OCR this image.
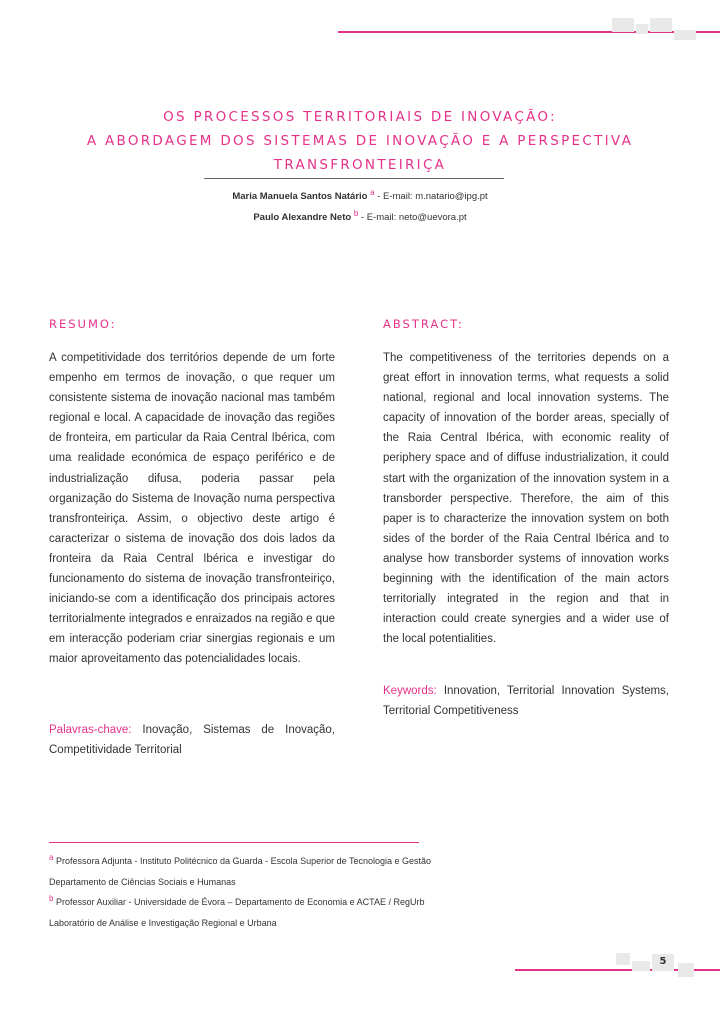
OS PROCESSOS TERRITORIAIS DE INOVAÇÃO:
A ABORDAGEM DOS SISTEMAS DE INOVAÇÃO E A PERSPECTIVA
TRANSFRONTEIRIÇA
Maria Manuela Santos Natário $^a$ - E-mail: m.natario@ipg.pt
Paulo Alexandre Neto $^b$ - E-mail: neto@uevora.pt
RESUMO:	ABSTRACT:
A competitividade dos territórios depende de um forte empenho em termos de inovação, o que requer um consistente sistema de inovação nacional mas também regional e local. A capacidade de inovação das regiões de fronteira, em particular da Raia Central Ibérica, com uma realidade económica de espaço periférico e de industrialização difusa, poderia passar pela organização do Sistema de Inovação numa perspectiva transfronteiriça. Assim, o objectivo deste artigo é caracterizar o sistema de inovação dos dois lados da fronteira da Raia Central Ibérica e investigar do funcionamento do sistema de inovação transfronteiriço, iniciando-se com a identificação dos principais actores territorialmente integrados e enraizados na região e que em interacção poderiam criar sinergias regionais e um maior aproveitamento das potencialidades locais.
The competitiveness of the territories depends on a great effort in innovation terms, what requests a solid national, regional and local innovation systems. The capacity of innovation of the border areas, specially of the Raia Central Ibérica, with economic reality of periphery space and of diffuse industrialization, it could start with the organization of the innovation system in a transborder perspective. Therefore, the aim of this paper is to characterize the innovation system on both sides of the border of the Raia Central Ibérica and to analyse how transborder systems of innovation works beginning with the identification of the main actors territorially integrated in the region and that in interaction could create synergies and a wider use of the local potentialities.
Palavras-chave: Inovação, Sistemas de Inovação, Competitividade Territorial
Keywords: Innovation, Territorial Innovation Systems, Territorial Competitiveness
a Professora Adjunta - Instituto Politécnico da Guarda - Escola Superior de Tecnologia e Gestão
Departamento de Ciências Sociais e Humanas
b Professor Auxiliar - Universidade de Évora – Departamento de Economia e ACTAE / RegUrb
Laboratório de Análise e Investigação Regional e Urbana
5
